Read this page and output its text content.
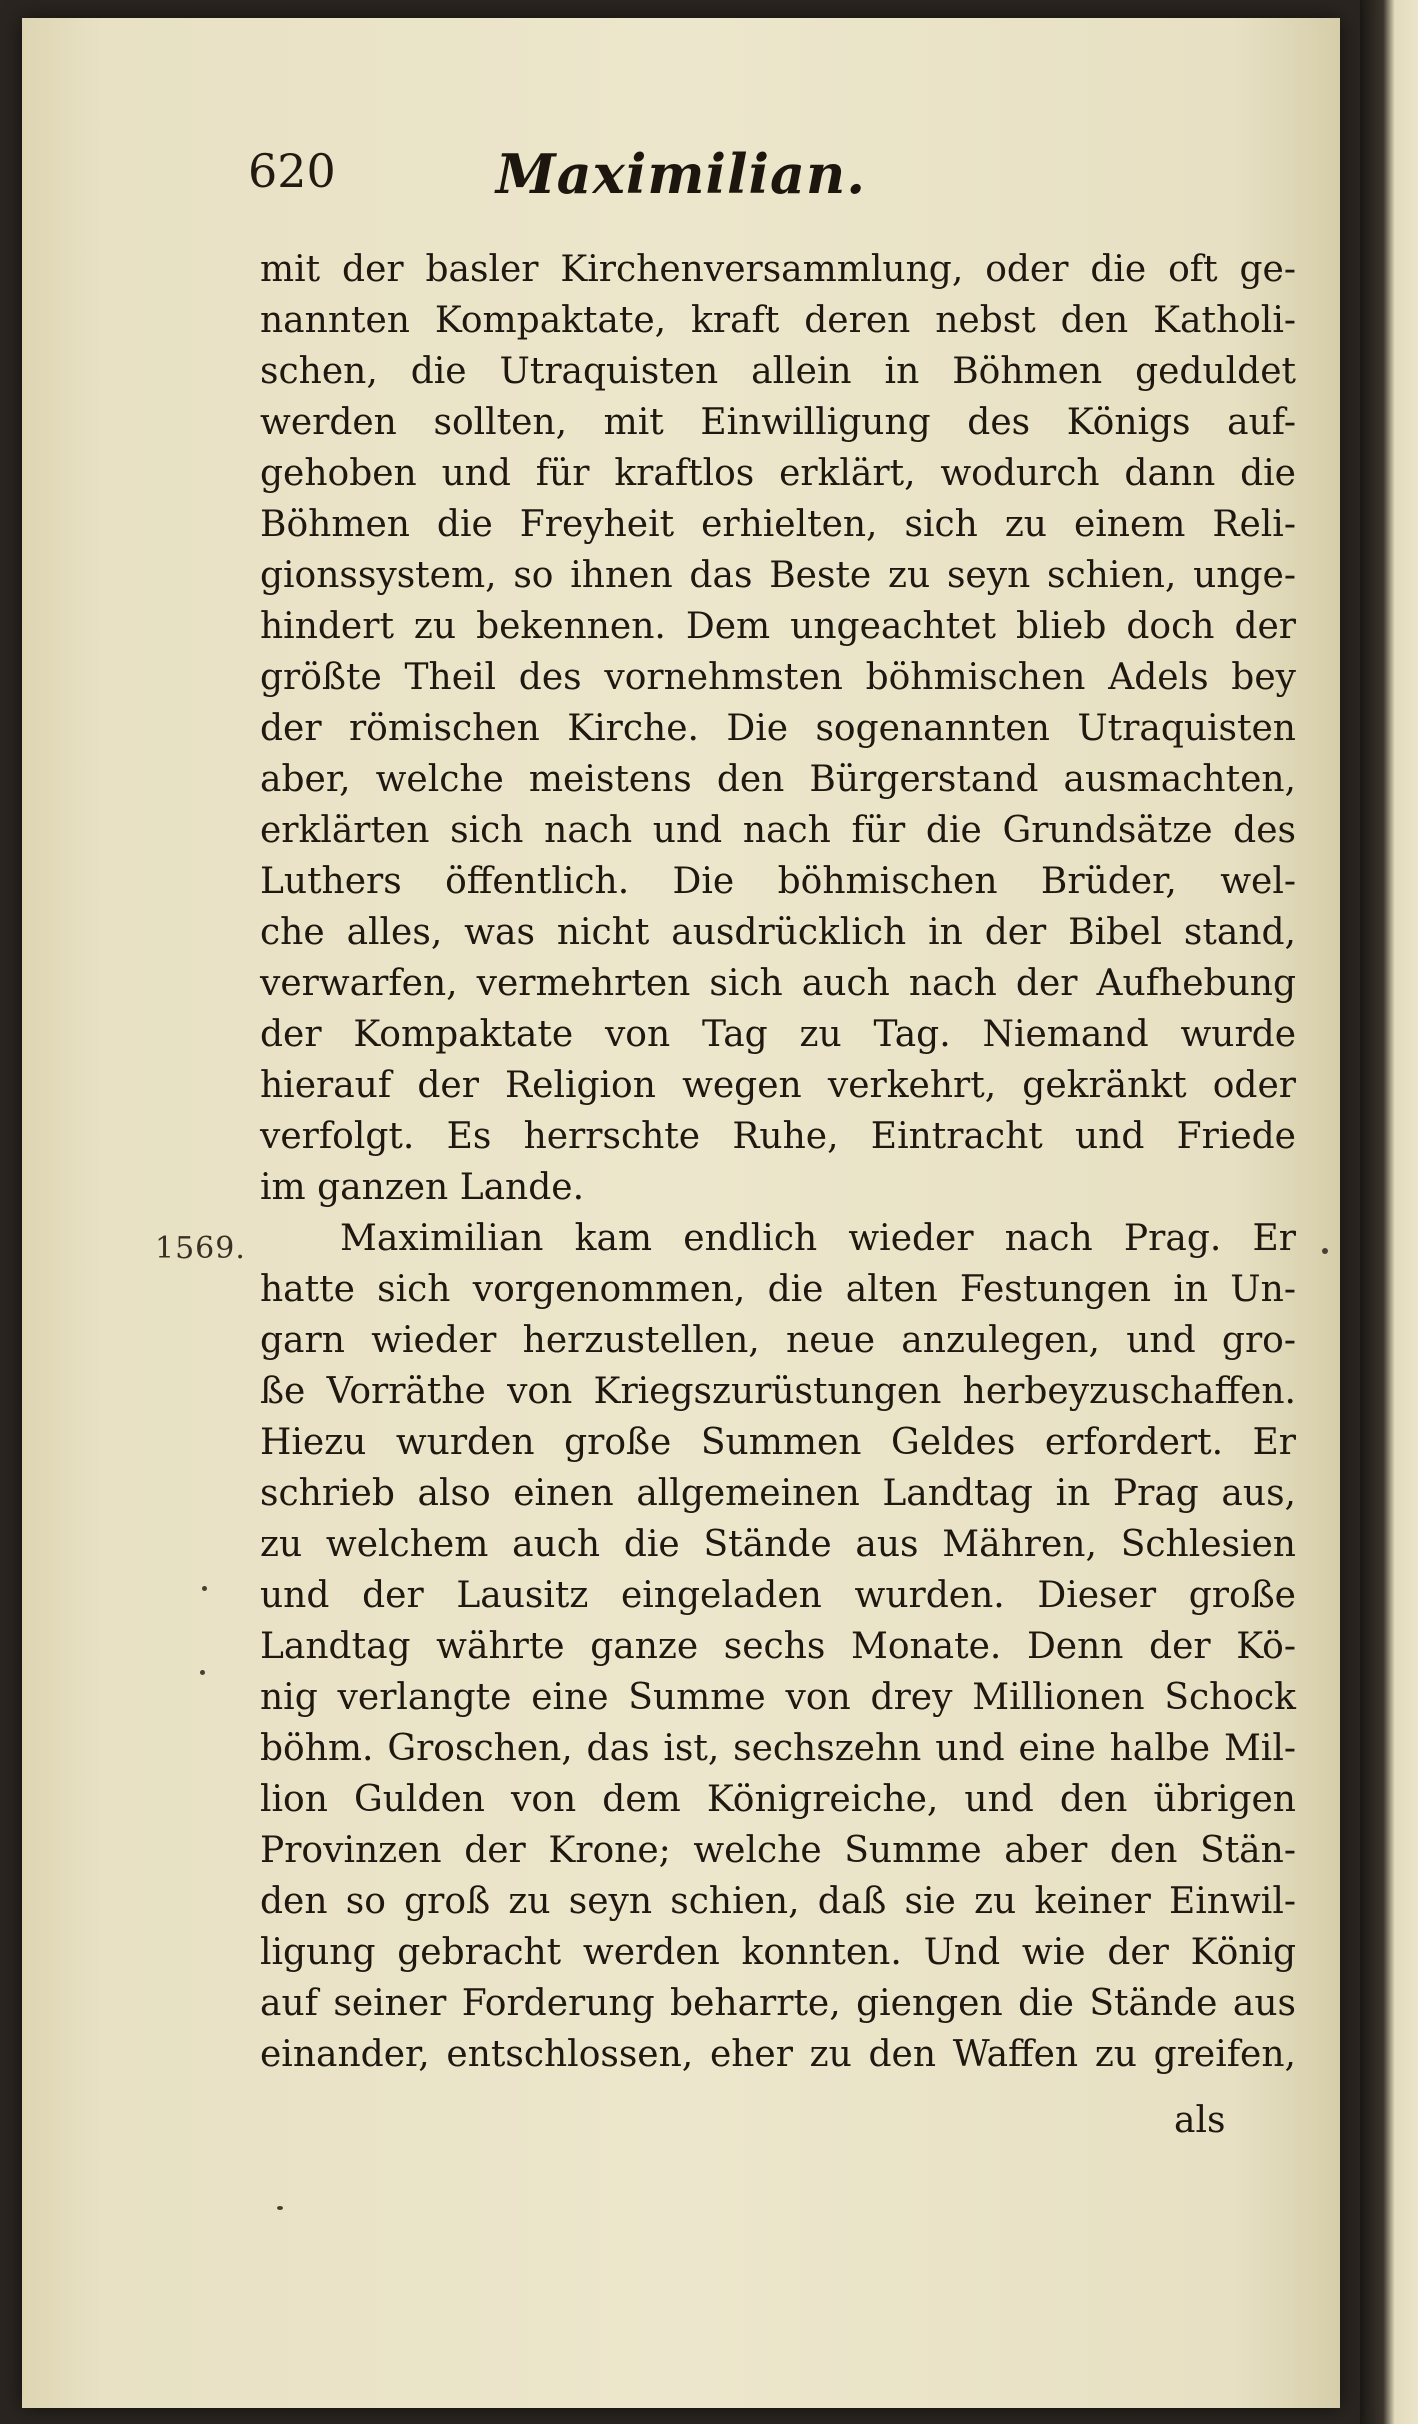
620	Maximilian.
1569.
mit der basler Kirchenversammlung, oder die oft ge-
nannten Kompaktate, kraft deren nebst den Katholi-
schen, die Utraquisten allein in Böhmen geduldet
werden sollten, mit Einwilligung des Königs auf-
gehoben und für kraftlos erklärt, wodurch dann die
Böhmen die Freyheit erhielten, sich zu einem Reli-
gionssystem, so ihnen das Beste zu seyn schien, unge-
hindert zu bekennen. Dem ungeachtet blieb doch der
größte Theil des vornehmsten böhmischen Adels bey
der römischen Kirche. Die sogenannten Utraquisten
aber, welche meistens den Bürgerstand ausmachten,
erklärten sich nach und nach für die Grundsätze des
Luthers öffentlich. Die böhmischen Brüder, wel-
che alles, was nicht ausdrücklich in der Bibel stand,
verwarfen, vermehrten sich auch nach der Aufhebung
der Kompaktate von Tag zu Tag. Niemand wurde
hierauf der Religion wegen verkehrt, gekränkt oder
verfolgt. Es herrschte Ruhe, Eintracht und Friede
im ganzen Lande.
Maximilian kam endlich wieder nach Prag. Er
hatte sich vorgenommen, die alten Festungen in Un-
garn wieder herzustellen, neue anzulegen, und gro-
ße Vorräthe von Kriegszurüstungen herbeyzuschaffen.
Hiezu wurden große Summen Geldes erfordert. Er
schrieb also einen allgemeinen Landtag in Prag aus,
zu welchem auch die Stände aus Mähren, Schlesien
und der Lausitz eingeladen wurden. Dieser große
Landtag währte ganze sechs Monate. Denn der Kö-
nig verlangte eine Summe von drey Millionen Schock
böhm. Groschen, das ist, sechszehn und eine halbe Mil-
lion Gulden von dem Königreiche, und den übrigen
Provinzen der Krone; welche Summe aber den Stän-
den so groß zu seyn schien, daß sie zu keiner Einwil-
ligung gebracht werden konnten. Und wie der König
auf seiner Forderung beharrte, giengen die Stände aus
einander, entschlossen, eher zu den Waffen zu greifen,
als
